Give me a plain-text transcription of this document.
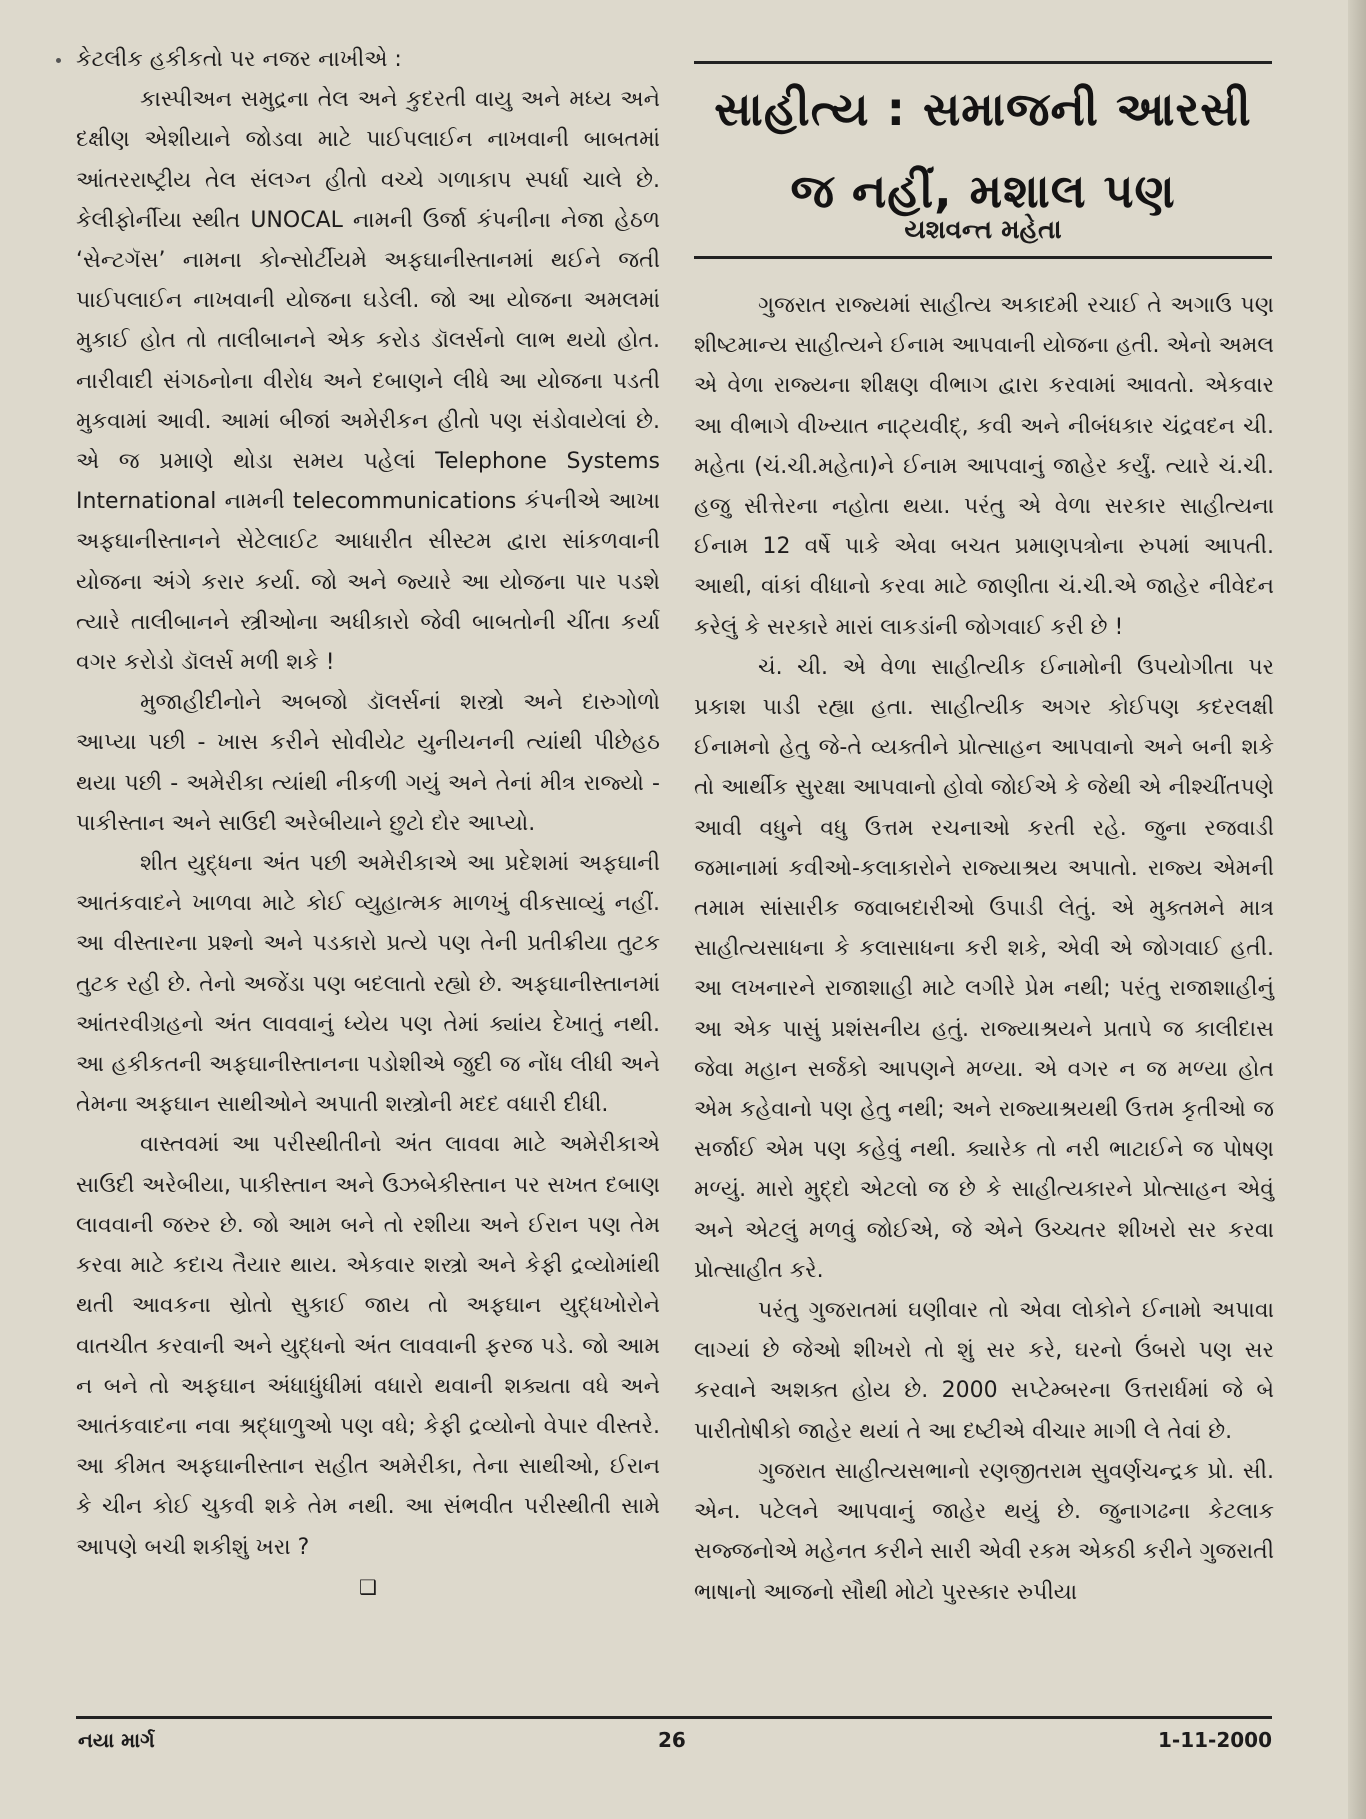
કેટલીક હકીકતો પર નજર નાખીએ :

કાસ્પીઅન સમુદ્રના તેલ અને કુદરતી વાયુ અને મધ્ય અને દક્ષીણ એશીયાને જોડવા માટે પાઈપલાઈન નાખવાની બાબતમાં આંતરરાષ્ટ્રીય તેલ સંલગ્ન હીતો વચ્ચે ગળાકાપ સ્પર્ધા ચાલે છે. કેલીફોર્નીયા સ્થીત UNOCAL નામની ઉર્જા કંપનીના નેજા હેઠળ ‘સેન્ટગૅસ’ નામના કોન્સોર્ટીયમે અફઘાનીસ્તાનમાં થઈને જતી પાઈપલાઈન નાખવાની યોજના ઘડેલી. જો આ યોજના અમલમાં મુકાઈ હોત તો તાલીબાનને એક કરોડ ડૉલર્સનો લાભ થયો હોત. નારીવાદી સંગઠનોના વીરોધ અને દબાણને લીધે આ યોજના પડતી મુકવામાં આવી. આમાં બીજાં અમેરીકન હીતો પણ સંડોવાયેલાં છે. એ જ પ્રમાણે થોડા સમય પહેલાં Telephone Systems International નામની telecommunications કંપનીએ આખા અફઘાનીસ્તાનને સેટેલાઈટ આધારીત સીસ્ટમ દ્વારા સાંકળવાની યોજના અંગે કરાર કર્યા. જો અને જ્યારે આ યોજના પાર પડશે ત્યારે તાલીબાનને સ્ત્રીઓના અધીકારો જેવી બાબતોની ચીંતા કર્યા વગર કરોડો ડૉલર્સ મળી શકે !

મુજાહીદીનોને અબજો ડૉલર્સનાં શસ્ત્રો અને દારુગોળો આપ્યા પછી - ખાસ કરીને સોવીયેટ યુનીયનની ત્યાંથી પીછેહઠ થયા પછી - અમેરીકા ત્યાંથી નીકળી ગયું અને તેનાં મીત્ર રાજ્યો - પાકીસ્તાન અને સાઉદી અરેબીયાને છુટો દોર આપ્યો.

શીત યુદ્ધના અંત પછી અમેરીકાએ આ પ્રદેશમાં અફઘાની આતંકવાદને ખાળવા માટે કોઈ વ્યુહાત્મક માળખું વીકસાવ્યું નહીં. આ વીસ્તારના પ્રશ્નો અને પડકારો પ્રત્યે પણ તેની પ્રતીક્રીયા તુટક તુટક રહી છે. તેનો અજેંડા પણ બદલાતો રહ્યો છે. અફઘાનીસ્તાનમાં આંતરવીગ્રહનો અંત લાવવાનું ધ્યેય પણ તેમાં ક્યાંય દેખાતું નથી. આ હકીકતની અફઘાનીસ્તાનના પડોશીએ જુદી જ નોંધ લીધી અને તેમના અફઘાન સાથીઓને અપાતી શસ્ત્રોની મદદ વધારી દીધી.

વાસ્તવમાં આ પરીસ્થીતીનો અંત લાવવા માટે અમેરીકાએ સાઉદી અરેબીયા, પાકીસ્તાન અને ઉઝબેકીસ્તાન પર સખત દબાણ લાવવાની જરુર છે. જો આમ બને તો રશીયા અને ઈરાન પણ તેમ કરવા માટે કદાચ તૈયાર થાય. એકવાર શસ્ત્રો અને કેફી દ્રવ્યોમાંથી થતી આવકના સ્રોતો સુકાઈ જાય તો અફઘાન યુદ્ધખોરોને વાતચીત કરવાની અને યુદ્ધનો અંત લાવવાની ફરજ પડે. જો આમ ન બને તો અફઘાન અંધાધુંધીમાં વધારો થવાની શક્યતા વધે અને આતંકવાદના નવા શ્રદ્ધાળુઓ પણ વધે; કેફી દ્રવ્યોનો વેપાર વીસ્તરે. આ કીમત અફઘાનીસ્તાન સહીત અમેરીકા, તેના સાથીઓ, ઈરાન કે ચીન કોઈ ચુકવી શકે તેમ નથી. આ સંભવીત પરીસ્થીતી સામે આપણે બચી શકીશું ખરા ?

❑
સાહીત્ય : સમાજની આરસી
જ નહીં, મશાલ પણ
યશવન્ત મહેતા

ગુજરાત રાજ્યમાં સાહીત્ય અકાદમી રચાઈ તે અગાઉ પણ શીષ્ટમાન્ય સાહીત્યને ઈનામ આપવાની યોજના હતી. એનો અમલ એ વેળા રાજ્યના શીક્ષણ વીભાગ દ્વારા કરવામાં આવતો. એકવાર આ વીભાગે વીખ્યાત નાટ્યવીદ્, કવી અને નીબંધકાર ચંદ્રવદન ચી. મહેતા (ચં.ચી.મહેતા)ને ઈનામ આપવાનું જાહેર કર્યું. ત્યારે ચં.ચી. હજુ સીત્તેરના નહોતા થયા. પરંતુ એ વેળા સરકાર સાહીત્યના ઈનામ 12 વર્ષે પાકે એવા બચત પ્રમાણપત્રોના રુપમાં આપતી. આથી, વાંકાં વીધાનો કરવા માટે જાણીતા ચં.ચી.એ જાહેર નીવેદન કરેલું કે સરકારે મારાં લાકડાંની જોગવાઈ કરી છે !

ચં. ચી. એ વેળા સાહીત્યીક ઈનામોની ઉપયોગીતા પર પ્રકાશ પાડી રહ્યા હતા. સાહીત્યીક અગર કોઈપણ કદરલક્ષી ઈનામનો હેતુ જે-તે વ્યક્તીને પ્રોત્સાહન આપવાનો અને બની શકે તો આર્થીક સુરક્ષા આપવાનો હોવો જોઈએ કે જેથી એ નીશ્ચીંતપણે આવી વધુને વધુ ઉત્તમ રચનાઓ કરતી રહે. જુના રજવાડી જમાનામાં કવીઓ-કલાકારોને રાજ્યાશ્રય અપાતો. રાજ્ય એમની તમામ સાંસારીક જવાબદારીઓ ઉપાડી લેતું. એ મુક્તમને માત્ર સાહીત્યસાધના કે કલાસાધના કરી શકે, એવી એ જોગવાઈ હતી. આ લખનારને રાજાશાહી માટે લગીરે પ્રેમ નથી; પરંતુ રાજાશાહીનું આ એક પાસું પ્રશંસનીય હતું. રાજ્યાશ્રયને પ્રતાપે જ કાલીદાસ જેવા મહાન સર્જકો આપણને મળ્યા. એ વગર ન જ મળ્યા હોત એમ કહેવાનો પણ હેતુ નથી; અને રાજ્યાશ્રયથી ઉત્તમ કૃતીઓ જ સર્જાઈ એમ પણ કહેવું નથી. ક્યારેક તો નરી ભાટાઈને જ પોષણ મળ્યું. મારો મુદ્દો એટલો જ છે કે સાહીત્યકારને પ્રોત્સાહન એવું અને એટલું મળવું જોઈએ, જે એને ઉચ્ચતર શીખરો સર કરવા પ્રોત્સાહીત કરે.

પરંતુ ગુજરાતમાં ઘણીવાર તો એવા લોકોને ઈનામો અપાવા લાગ્યાં છે જેઓ શીખરો તો શું સર કરે, ઘરનો ઉંબરો પણ સર કરવાને અશક્ત હોય છે. 2000 સપ્ટેમ્બરના ઉત્તરાર્ધમાં જે બે પારીતોષીકો જાહેર થયાં તે આ દષ્ટીએ વીચાર માગી લે તેવાં છે.

ગુજરાત સાહીત્યસભાનો રણજીતરામ સુવર્ણચન્દ્રક પ્રો. સી. એન. પટેલને આપવાનું જાહેર થયું છે. જુનાગઢના કેટલાક સજ્જનોએ મહેનત કરીને સારી એવી રકમ એકઠી કરીને ગુજરાતી ભાષાનો આજનો સૌથી મોટો પુરસ્કાર રુપીયા

નયા માર્ગ	26	1-11-2000
